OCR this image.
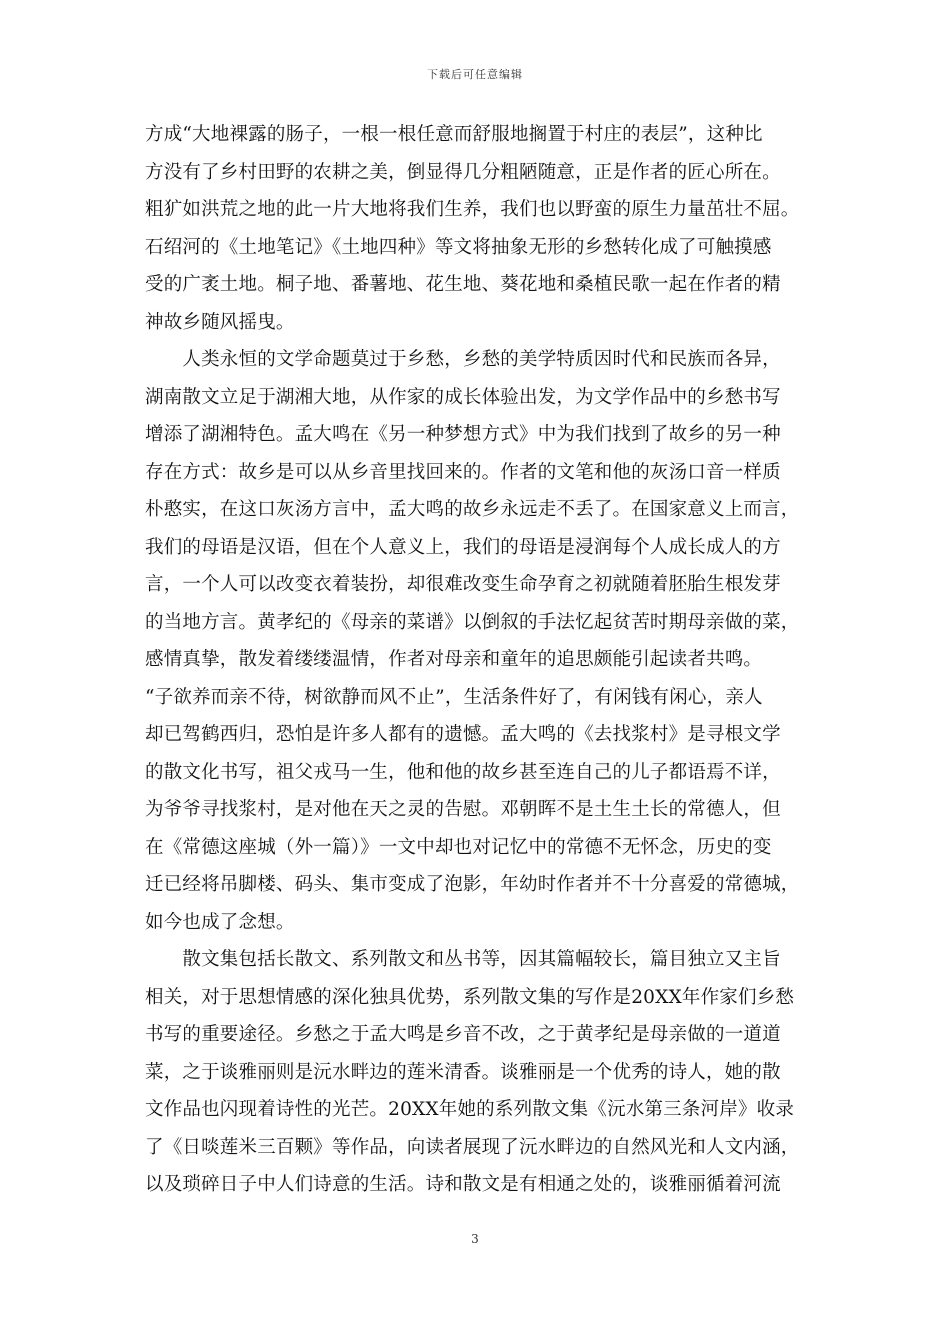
下载后可任意编辑
方成“大地裸露的肠子，一根一根任意而舒服地搁置于村庄的表层”，这种比
方没有了乡村田野的农耕之美，倒显得几分粗陋随意，正是作者的匠心所在。
粗犷如洪荒之地的此一片大地将我们生养，我们也以野蛮的原生力量茁壮不屈。
石绍河的《土地笔记》《土地四种》等文将抽象无形的乡愁转化成了可触摸感
受的广袤土地。桐子地、番薯地、花生地、葵花地和桑植民歌一起在作者的精
神故乡随风摇曳。
　　人类永恒的文学命题莫过于乡愁，乡愁的美学特质因时代和民族而各异，
湖南散文立足于湖湘大地，从作家的成长体验出发，为文学作品中的乡愁书写
增添了湖湘特色。孟大鸣在《另一种梦想方式》中为我们找到了故乡的另一种
存在方式：故乡是可以从乡音里找回来的。作者的文笔和他的灰汤口音一样质
朴憨实，在这口灰汤方言中，孟大鸣的故乡永远走不丢了。在国家意义上而言，
我们的母语是汉语，但在个人意义上，我们的母语是浸润每个人成长成人的方
言，一个人可以改变衣着装扮，却很难改变生命孕育之初就随着胚胎生根发芽
的当地方言。黄孝纪的《母亲的菜谱》以倒叙的手法忆起贫苦时期母亲做的菜，
感情真挚，散发着缕缕温情，作者对母亲和童年的追思颇能引起读者共鸣。
“子欲养而亲不待，树欲静而风不止”，生活条件好了，有闲钱有闲心，亲人
却已驾鹤西归，恐怕是许多人都有的遗憾。孟大鸣的《去找浆村》是寻根文学
的散文化书写，祖父戎马一生，他和他的故乡甚至连自己的儿子都语焉不详，
为爷爷寻找浆村，是对他在天之灵的告慰。邓朝晖不是土生土长的常德人，但
在《常德这座城（外一篇）》一文中却也对记忆中的常德不无怀念，历史的变
迁已经将吊脚楼、码头、集市变成了泡影，年幼时作者并不十分喜爱的常德城，
如今也成了念想。
　　散文集包括长散文、系列散文和丛书等，因其篇幅较长，篇目独立又主旨
相关，对于思想情感的深化独具优势，系列散文集的写作是20XX年作家们乡愁
书写的重要途径。乡愁之于孟大鸣是乡音不改，之于黄孝纪是母亲做的一道道
菜，之于谈雅丽则是沅水畔边的莲米清香。谈雅丽是一个优秀的诗人，她的散
文作品也闪现着诗性的光芒。20XX年她的系列散文集《沅水第三条河岸》收录
了《日啖莲米三百颗》等作品，向读者展现了沅水畔边的自然风光和人文内涵，
以及琐碎日子中人们诗意的生活。诗和散文是有相通之处的，谈雅丽循着河流
3
